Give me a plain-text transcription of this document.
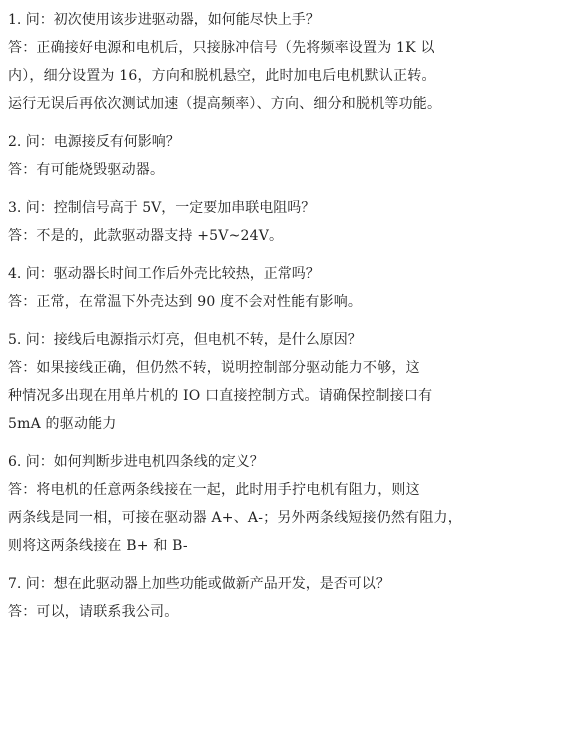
1. 问：初次使用该步进驱动器，如何能尽快上手？
答：正确接好电源和电机后，只接脉冲信号（先将频率设置为 1K 以
内），细分设置为 16，方向和脱机悬空，此时加电后电机默认正转。
运行无误后再依次测试加速（提高频率）、方向、细分和脱机等功能。
2. 问：电源接反有何影响？
答：有可能烧毁驱动器。
3. 问：控制信号高于 5V，一定要加串联电阻吗？
答：不是的，此款驱动器支持 +5V~24V。
4. 问：驱动器长时间工作后外壳比较热，正常吗？
答：正常，在常温下外壳达到 90 度不会对性能有影响。
5. 问：接线后电源指示灯亮，但电机不转，是什么原因？
答：如果接线正确，但仍然不转，说明控制部分驱动能力不够，这
种情况多出现在用单片机的 IO 口直接控制方式。请确保控制接口有
5mA 的驱动能力
6. 问：如何判断步进电机四条线的定义？
答：将电机的任意两条线接在一起，此时用手拧电机有阻力，则这
两条线是同一相，可接在驱动器 A+、A-；另外两条线短接仍然有阻力，
则将这两条线接在 B+ 和 B-
7. 问：想在此驱动器上加些功能或做新产品开发，是否可以？
答：可以，请联系我公司。
